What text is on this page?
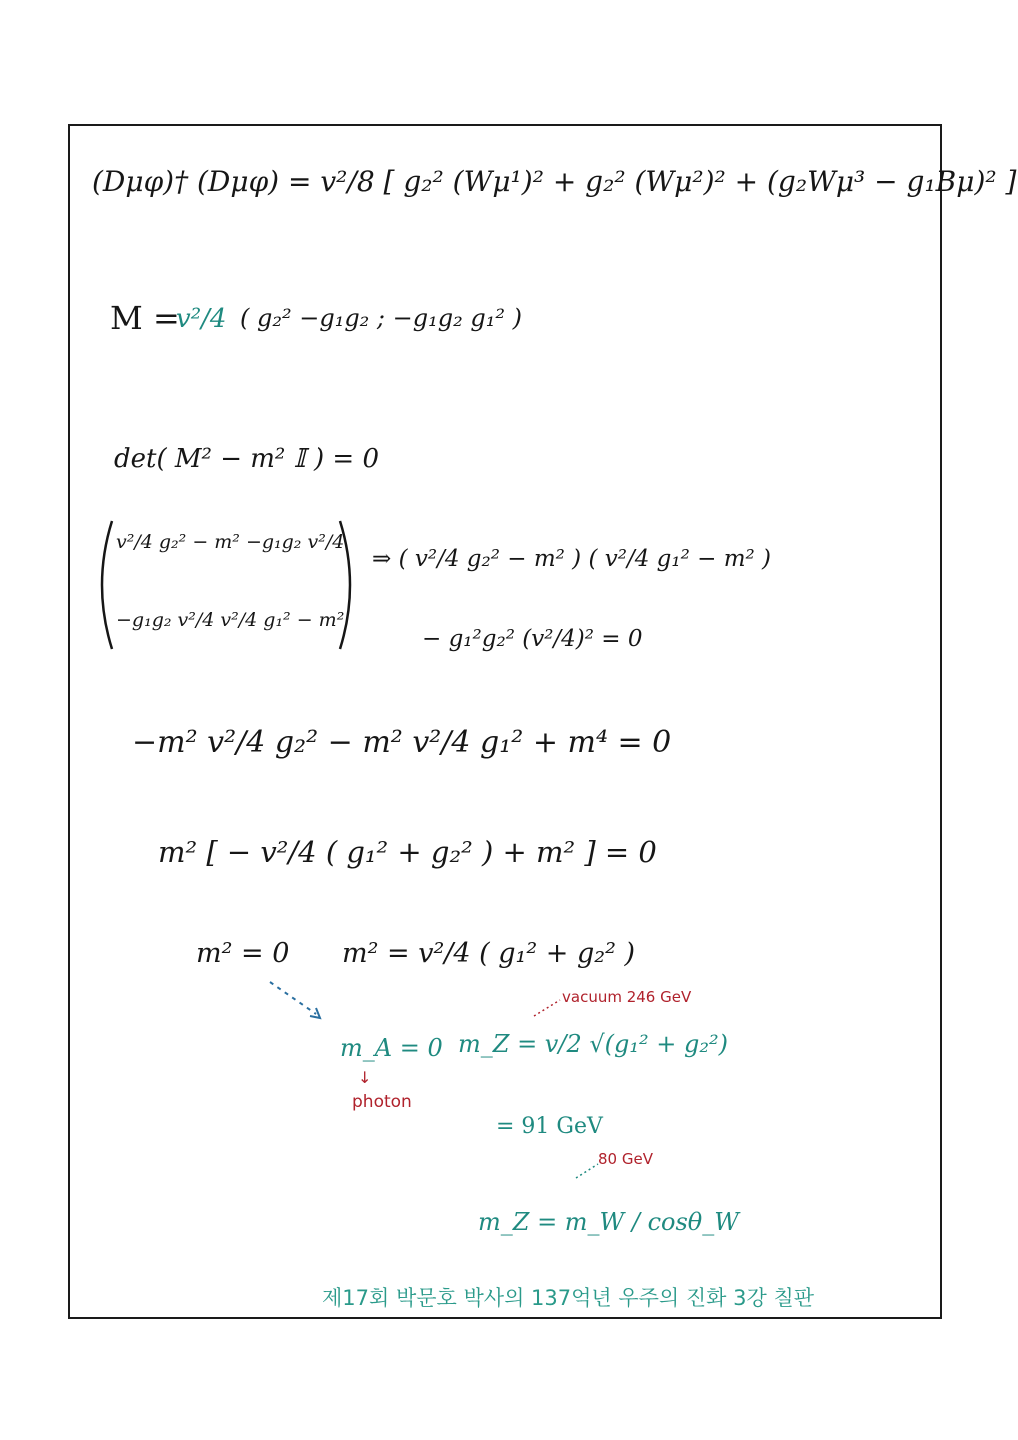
(Dμφ)† (Dμφ) = v²/8 [ g₂² (Wμ¹)² + g₂² (Wμ²)² + (g₂Wμ³ − g₁Bμ)² ]
M =
v²/4 ( g₂² −g₁g₂ ; −g₁g₂ g₁² )
det( M² − m² 𝕀 ) = 0
v²/4 g₂² − m² −g₁g₂ v²/4
−g₁g₂ v²/4 v²/4 g₁² − m²
⇒ ( v²/4 g₂² − m² ) ( v²/4 g₁² − m² )
− g₁²g₂² (v²/4)² = 0
−m² v²/4 g₂² − m² v²/4 g₁² + m⁴ = 0
m² [ − v²/4 ( g₁² + g₂² ) + m² ] = 0
m² = 0 m² = v²/4 ( g₁² + g₂² )
m_A = 0
↓
photon
vacuum 246 GeV
m_Z = v/2 √(g₁² + g₂²)
= 91 GeV
80 GeV
m_Z = m_W / cosθ_W
제17회 박문호 박사의 137억년 우주의 진화 3강 칠판
